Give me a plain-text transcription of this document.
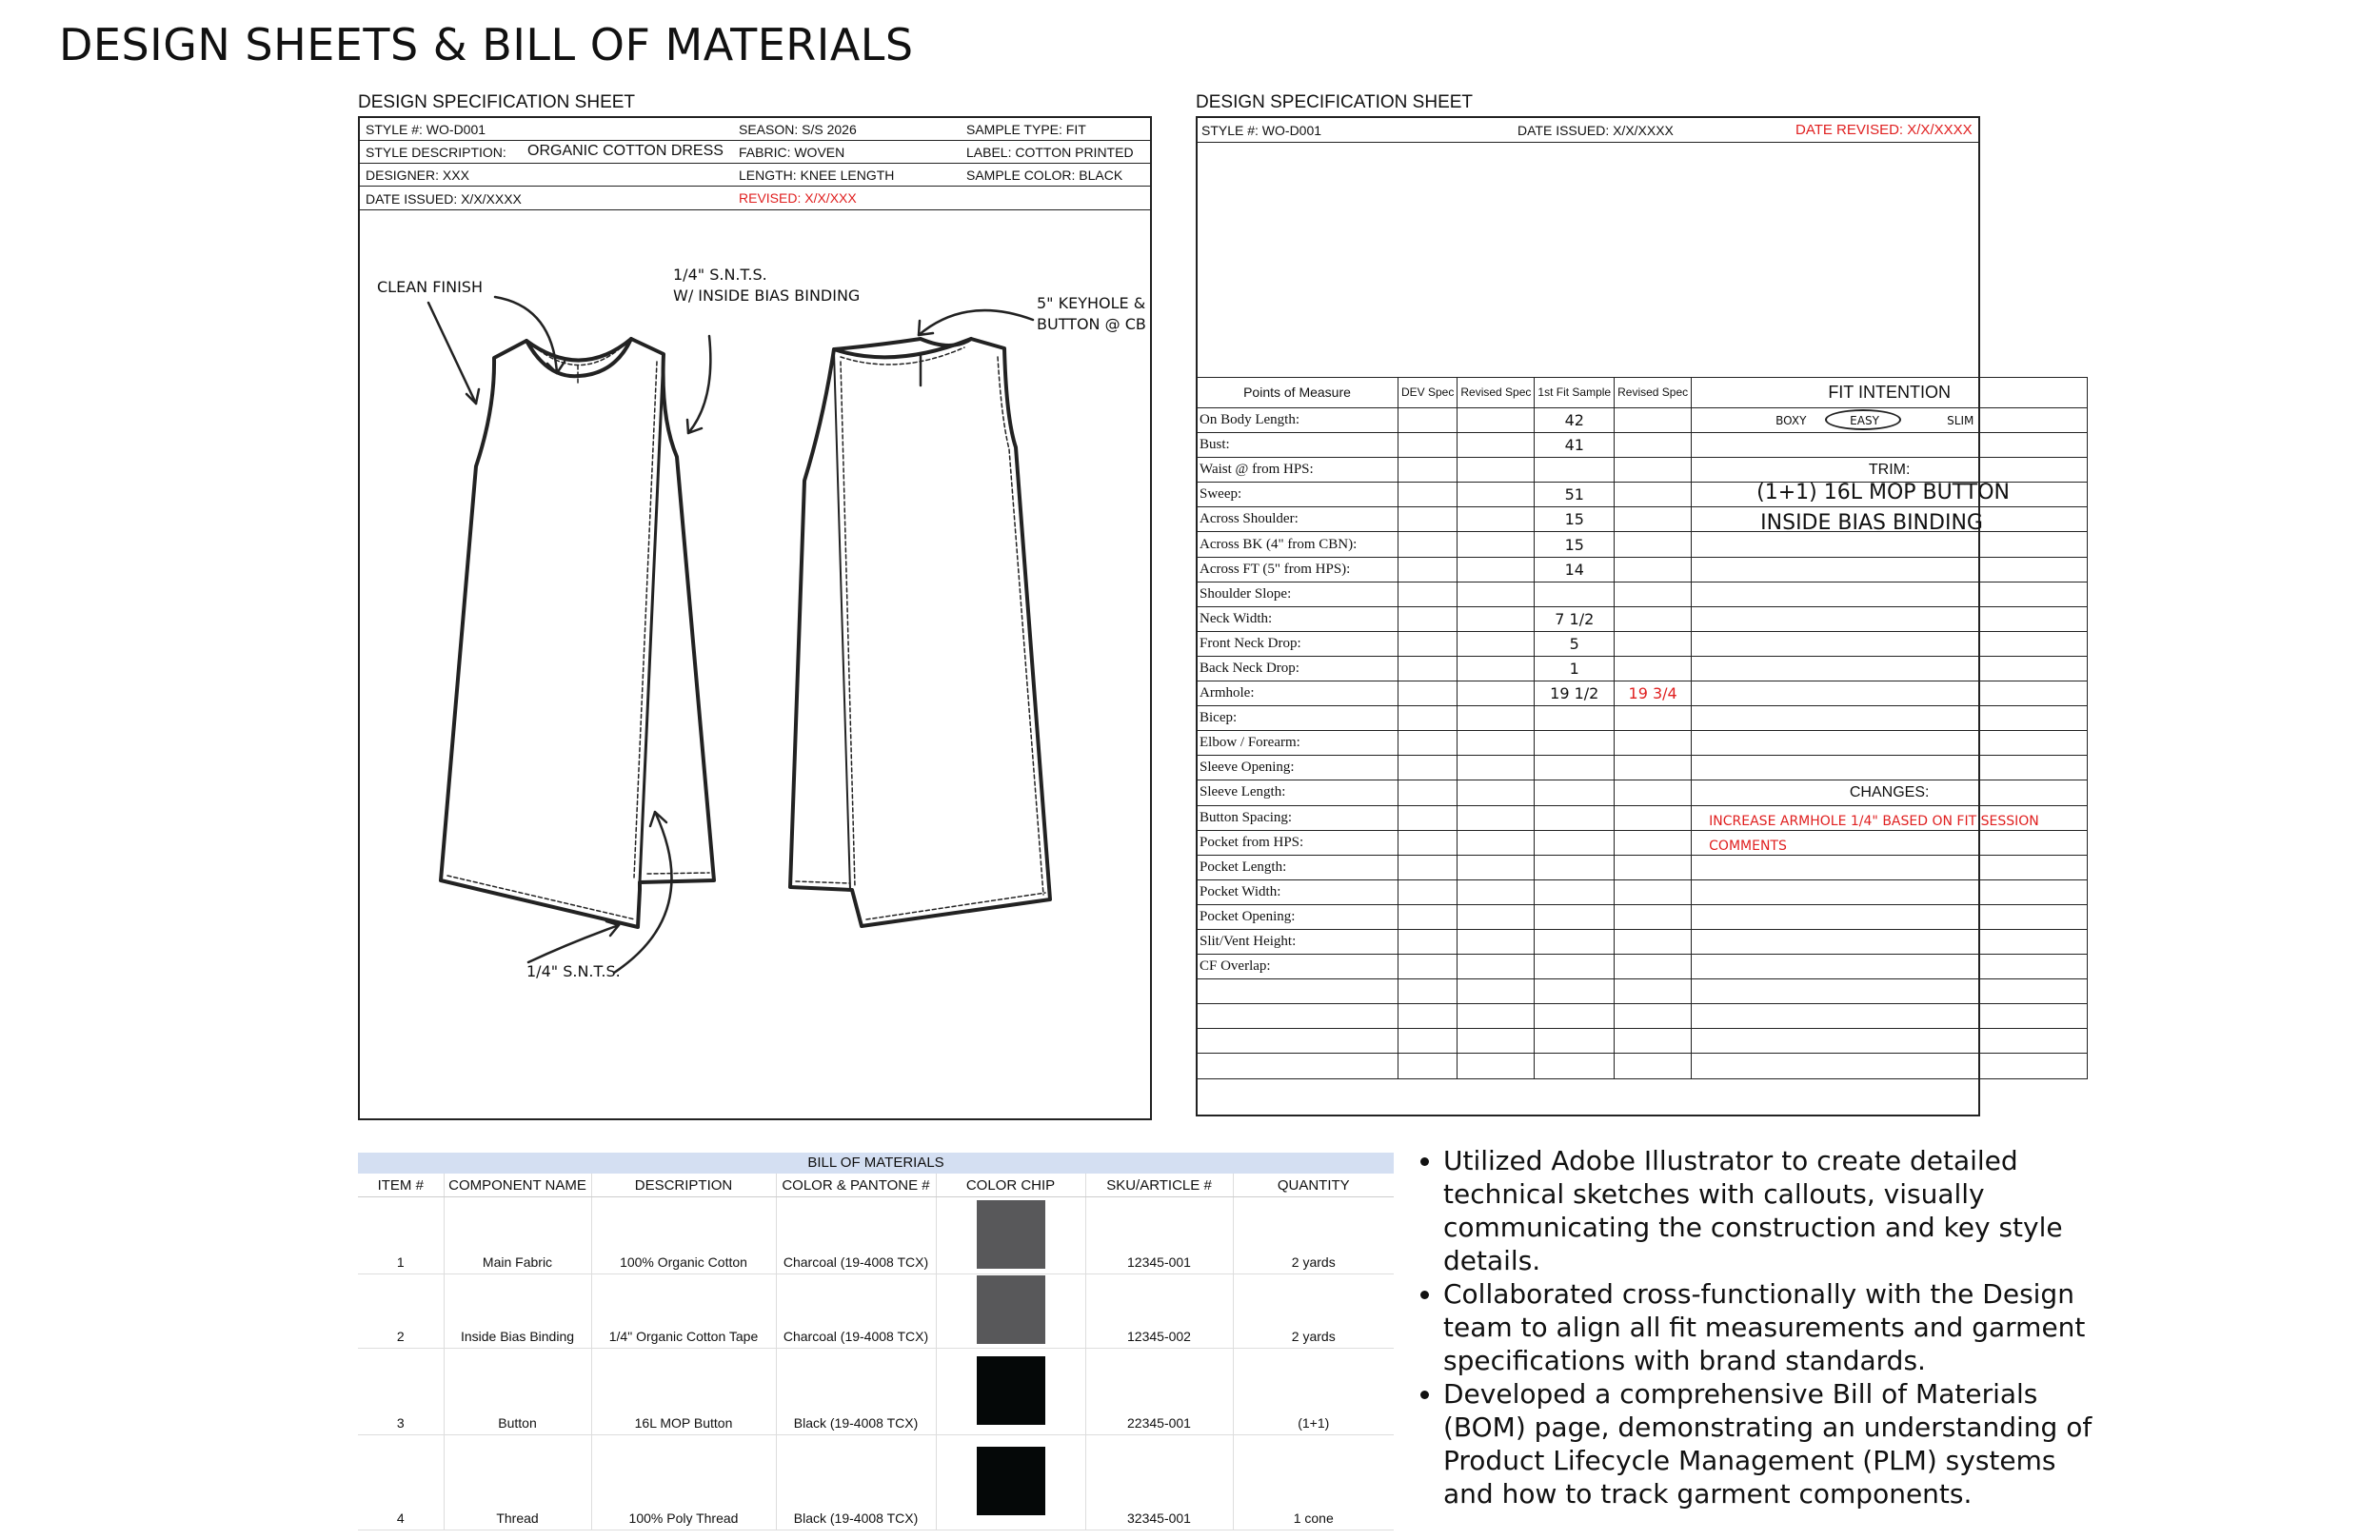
DESIGN SHEETS & BILL OF MATERIALS
DESIGN SPECIFICATION SHEET
STYLE #: WO-D001	SEASON: S/S 2026	SAMPLE TYPE: FIT
STYLE DESCRIPTION: ORGANIC COTTON DRESS FABRIC: WOVEN	LABEL: COTTON PRINTED
DESIGNER: XXX	LENGTH: KNEE LENGTH	SAMPLE COLOR: BLACK
DATE ISSUED: X/X/XXXX	REVISED: X/X/XXX
CLEAN FINISH
1/4" S.N.T.S.
W/ INSIDE BIAS BINDING	5" KEYHOLE &
BUTTON @ CB
1/4" S.N.T.S.
DESIGN SPECIFICATION SHEET
STYLE #: WO-D001	DATE ISSUED: X/X/XXXX	DATE REVISED: X/X/XXXX
Points of Measure	DEV Spec	Revised Spec	1st Fit Sample	Revised Spec	FIT INTENTION
On Body Length:			42		BOXY EASY SLIM

Bust:			41		
Waist @ from HPS:					TRIM:
Sweep:			51		(1+1) 16L MOP BUTTON

Across Shoulder:			15		INSIDE BIAS BINDING

Across BK (4" from CBN):			15		
Across FT (5" from HPS):			14		
Shoulder Slope:					
Neck Width:			7 1/2		
Front Neck Drop:			5		
Back Neck Drop:			1		
Armhole:			19 1/2	19 3/4	
Bicep:					
Elbow / Forearm:					
Sleeve Opening:					
Sleeve Length:					CHANGES:
Button Spacing:					INCREASE ARMHOLE 1/4" BASED ON FIT SESSION

Pocket from HPS:					COMMENTS

Pocket Length:					
Pocket Width:					
Pocket Opening:					
Slit/Vent Height:					
CF Overlap:					

BILL OF MATERIALS
ITEM #	COMPONENT NAME	DESCRIPTION	COLOR & PANTONE #	COLOR CHIP	SKU/ARTICLE #	QUANTITY
1	Main Fabric	100% Organic Cotton	Charcoal (19-4008 TCX)		12345-001	2 yards
2	Inside Bias Binding	1/4" Organic Cotton Tape	Charcoal (19-4008 TCX)		12345-002	2 yards
3	Button	16L MOP Button	Black (19-4008 TCX)		22345-001	(1+1)
4	Thread	100% Poly Thread	Black (19-4008 TCX)		32345-001	1 cone
• Utilized Adobe Illustrator to create detailed technical sketches with callouts, visually communicating the construction and key style details.
• Collaborated cross-functionally with the Design team to align all fit measurements and garment specifications with brand standards.
• Developed a comprehensive Bill of Materials (BOM) page, demonstrating an understanding of Product Lifecycle Management (PLM) systems and how to track garment components.
